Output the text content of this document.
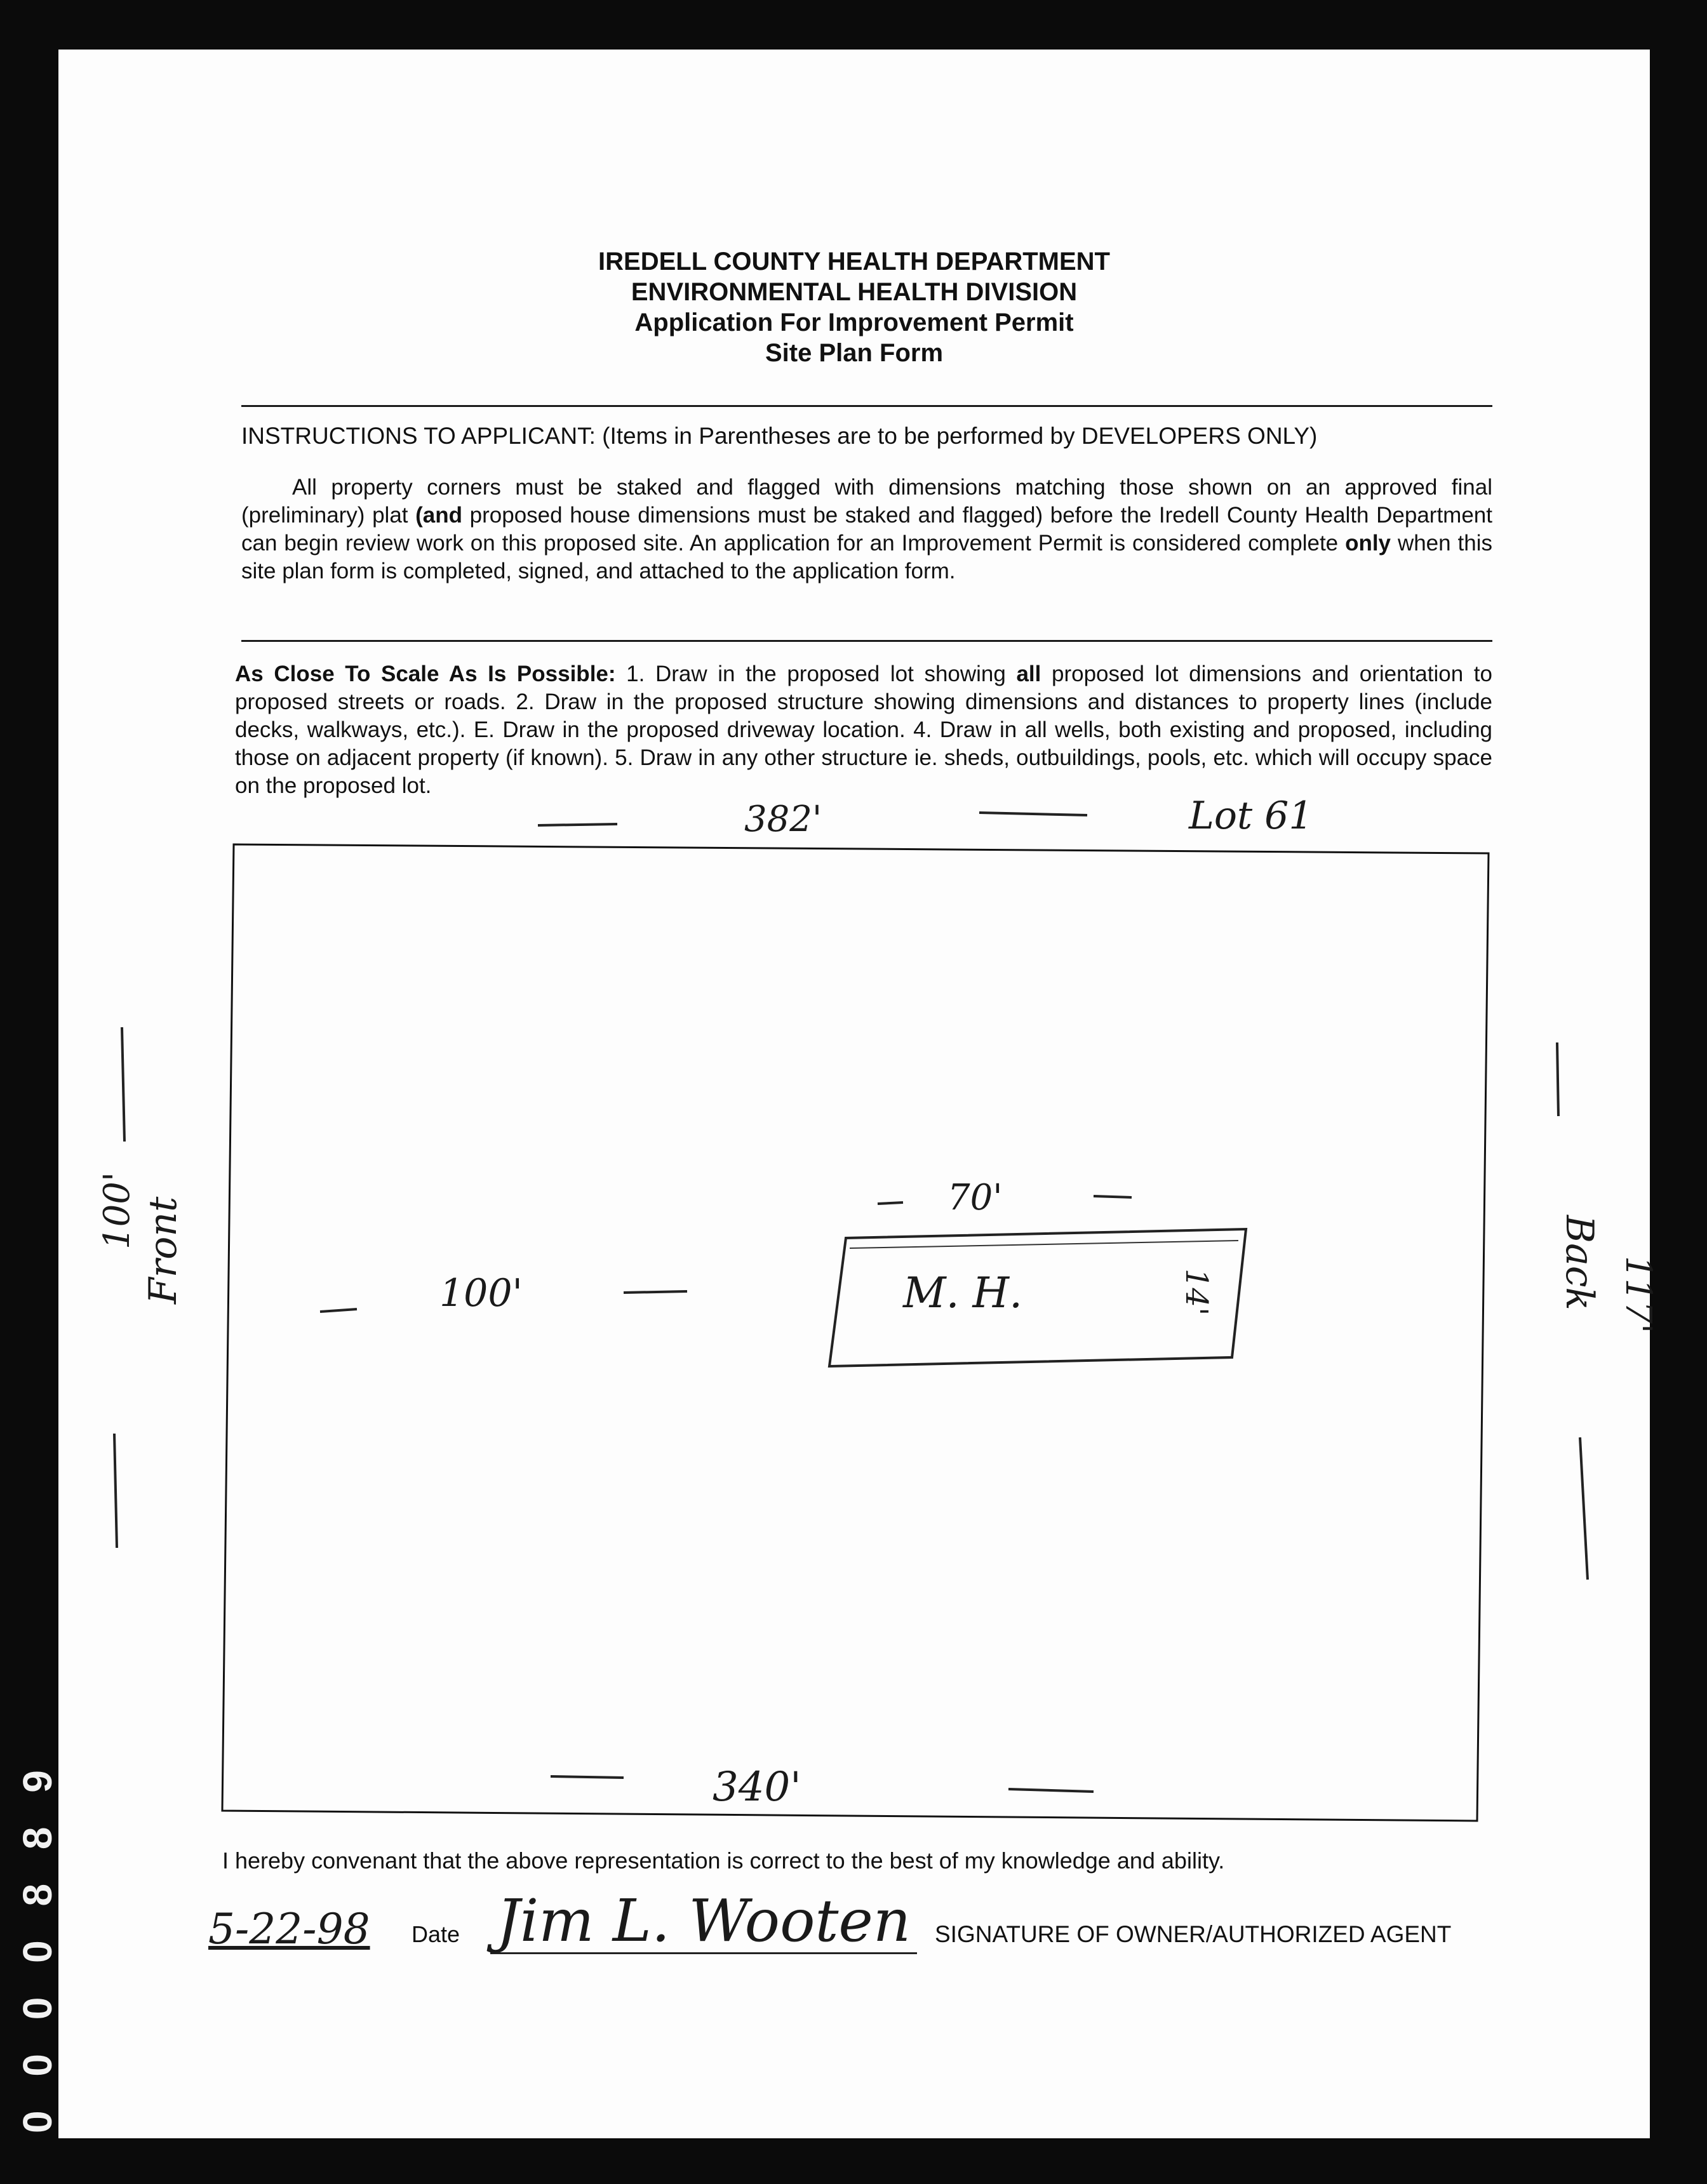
IREDELL COUNTY HEALTH DEPARTMENT
ENVIRONMENTAL HEALTH DIVISION
Application For Improvement Permit
Site Plan Form
INSTRUCTIONS TO APPLICANT: (Items in Parentheses are to be performed by DEVELOPERS ONLY)
All property corners must be staked and flagged with dimensions matching those shown on an approved final (preliminary) plat (and proposed house dimensions must be staked and flagged) before the Iredell County Health Department can begin review work on this proposed site. An application for an Improvement Permit is considered complete only when this site plan form is completed, signed, and attached to the application form.
As Close To Scale As Is Possible: 1. Draw in the proposed lot showing all proposed lot dimensions and orientation to proposed streets or roads. 2. Draw in the proposed structure showing dimensions and distances to property lines (include decks, walkways, etc.). E. Draw in the proposed driveway location. 4. Draw in all wells, both existing and proposed, including those on adjacent property (if known). 5. Draw in any other structure ie. sheds, outbuildings, pools, etc. which will occupy space on the proposed lot.
382'	Lot 61
100' Front	Back 117'
100'
70'
14'
M. H.
340'
I hereby convenant that the above representation is correct to the best of my knowledge and ability.
5-22-98 Date Jim L. Wooten SIGNATURE OF OWNER/AUTHORIZED AGENT
0 0 0 0 8 8 9
